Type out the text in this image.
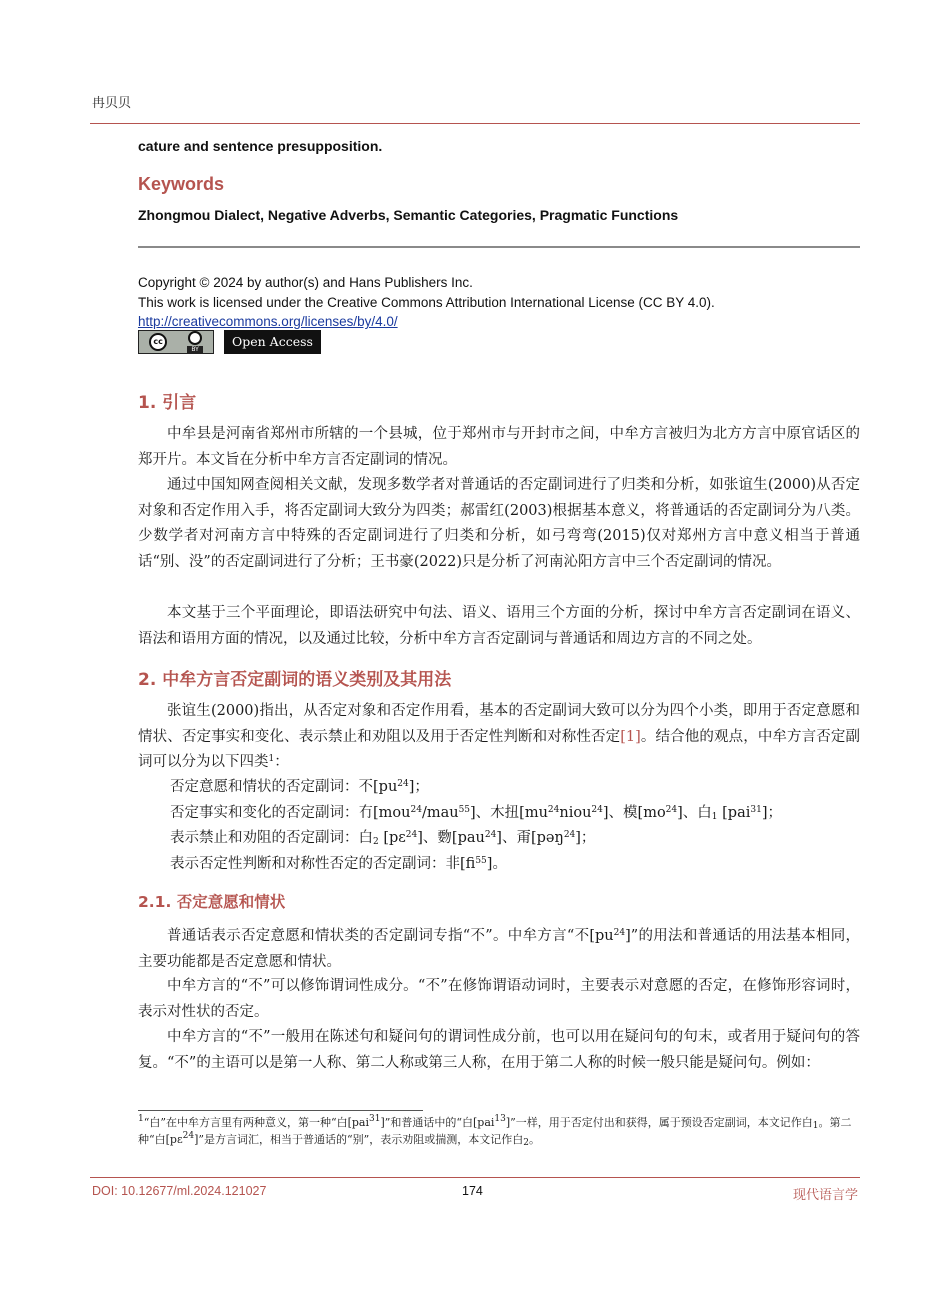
冉贝贝
cature and sentence presupposition.
Keywords
Zhongmou Dialect, Negative Adverbs, Semantic Categories, Pragmatic Functions
Copyright © 2024 by author(s) and Hans Publishers Inc.
This work is licensed under the Creative Commons Attribution International License (CC BY 4.0).
http://creativecommons.org/licenses/by/4.0/
cc
BY
Open Access
1. 引言
中牟县是河南省郑州市所辖的一个县城，位于郑州市与开封市之间，中牟方言被归为北方方言中原官话区的郑开片。本文旨在分析中牟方言否定副词的情况。
通过中国知网查阅相关文献，发现多数学者对普通话的否定副词进行了归类和分析，如张谊生(2000)从否定对象和否定作用入手，将否定副词大致分为四类；郝雷红(2003)根据基本意义，将普通话的否定副词分为八类。少数学者对河南方言中特殊的否定副词进行了归类和分析，如弓弯弯(2015)仅对郑州方言中意义相当于普通话“别、没”的否定副词进行了分析；王书豪(2022)只是分析了河南沁阳方言中三个否定副词的情况。
本文基于三个平面理论，即语法研究中句法、语义、语用三个方面的分析，探讨中牟方言否定副词在语义、语法和语用方面的情况，以及通过比较，分析中牟方言否定副词与普通话和周边方言的不同之处。
2. 中牟方言否定副词的语义类别及其用法
张谊生(2000)指出，从否定对象和否定作用看，基本的否定副词大致可以分为四个小类，即用于否定意愿和情状、否定事实和变化、表示禁止和劝阻以及用于否定性判断和对称性否定[1]。结合他的观点，中牟方言否定副词可以分为以下四类$^1$：
否定意愿和情状的否定副词：不$[pu^{24}]$；
否定事实和变化的否定副词：冇[mou$^{24}$/mau$^{55}$]、木扭$[mu^{24}niou^{24}]$、模$[mo^{24}]$、白$_1$ [pai$^{31}$]；
表示禁止和劝阻的否定副词：白$_2$ [pɛ$^{24}$]、覅[pau$^{24}$]、甭[pəŋ$^{24}$]；
表示否定性判断和对称性否定的否定副词：非$[fi^{55}]$。
2.1. 否定意愿和情状
普通话表示否定意愿和情状类的否定副词专指“不”。中牟方言“不$[pu^{24}]$”的用法和普通话的用法基本相同，主要功能都是否定意愿和情状。
中牟方言的“不”可以修饰谓词性成分。“不”在修饰谓语动词时，主要表示对意愿的否定，在修饰形容词时，表示对性状的否定。
中牟方言的“不”一般用在陈述句和疑问句的谓词性成分前，也可以用在疑问句的句末，或者用于疑问句的答复。“不”的主语可以是第一人称、第二人称或第三人称，在用于第二人称的时候一般只能是疑问句。例如：
$^1$“白”在中牟方言里有两种意义，第一种“白[pai$^{31}$]”和普通话中的“白[pai$^{13}$]”一样，用于否定付出和获得，属于预设否定副词，本文记作白$_1$。第二种“白[pɛ$^{24}$]”是方言词汇，相当于普通话的“别”，表示劝阻或揣测，本文记作白$_2$。
DOI: 10.12677/ml.2024.121027	174	现代语言学
